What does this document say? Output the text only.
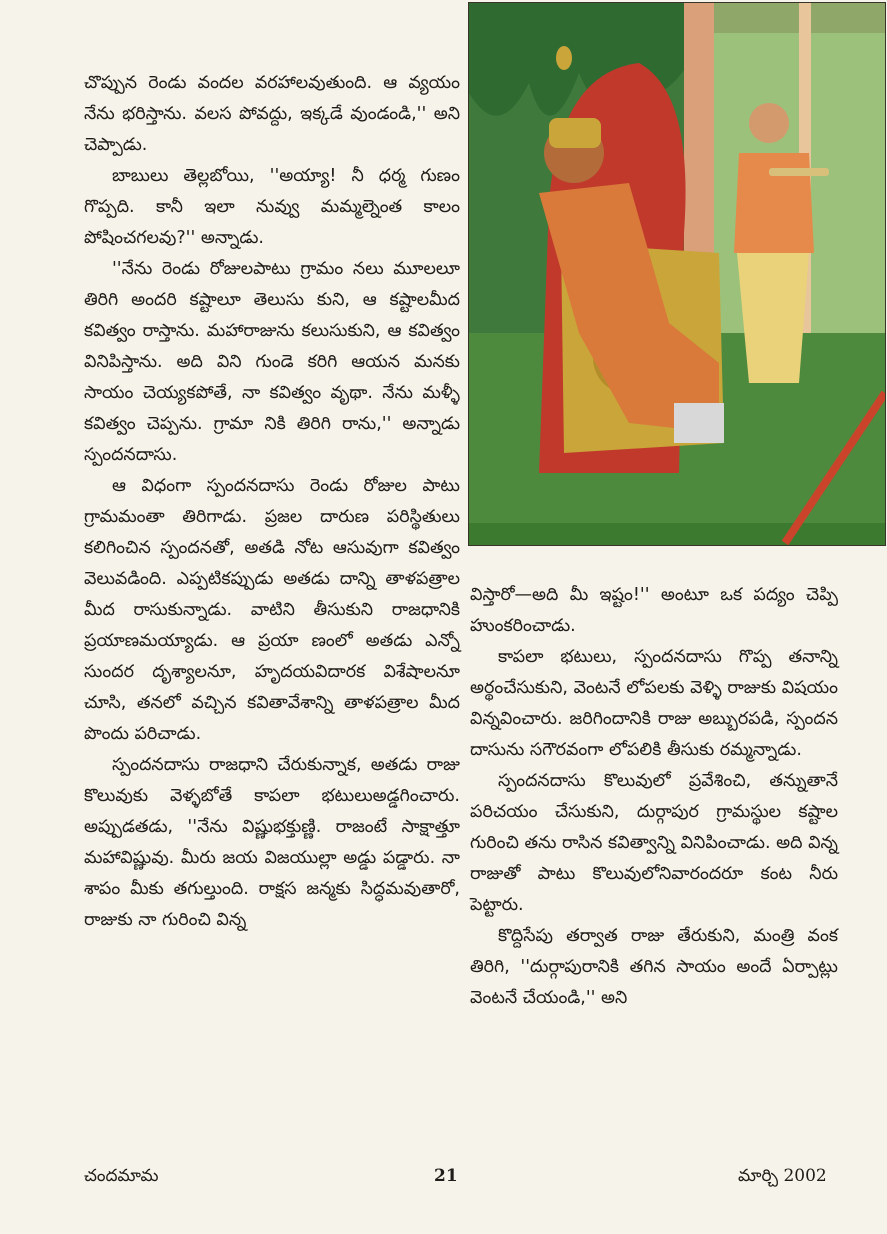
చొప్పున రెండు వందల వరహాలవుతుంది. ఆ వ్యయం నేను భరిస్తాను. వలస పోవద్దు, ఇక్కడే వుండండి,'' అని చెప్పాడు.

బాబులు తెల్లబోయి, ''అయ్యా! నీ ధర్మ గుణం గొప్పది. కానీ ఇలా నువ్వు మమ్మల్నెంత కాలం పోషించగలవు?'' అన్నాడు.

''నేను రెండు రోజులపాటు గ్రామం నలు మూలలూ తిరిగి అందరి కష్టాలూ తెలుసు కుని, ఆ కష్టాలమీద కవిత్వం రాస్తాను. మహారాజును కలుసుకుని, ఆ కవిత్వం వినిపిస్తాను. అది విని గుండె కరిగి ఆయన మనకు సాయం చెయ్యకపోతే, నా కవిత్వం వృథా. నేను మళ్ళీ కవిత్వం చెప్పను. గ్రామా నికి తిరిగి రాను,'' అన్నాడు స్పందనదాసు.

ఆ విధంగా స్పందనదాసు రెండు రోజుల పాటు గ్రామమంతా తిరిగాడు. ప్రజల దారుణ పరిస్థితులు కలిగించిన స్పందనతో, అతడి నోట ఆసువుగా కవిత్వం వెలువడింది. ఎప్పటికప్పుడు అతడు దాన్ని తాళపత్రాల మీద రాసుకున్నాడు. వాటిని తీసుకుని రాజధానికి ప్రయాణమయ్యాడు. ఆ ప్రయా ణంలో అతడు ఎన్నో సుందర దృశ్యాలనూ, హృదయవిదారక విశేషాలనూ చూసి, తనలో వచ్చిన కవితావేశాన్ని తాళపత్రాల మీద పొందు పరిచాడు.

స్పందనదాసు రాజధాని చేరుకున్నాక, అతడు రాజు కొలువుకు వెళ్ళబోతే కాపలా భటులుఅడ్డగించారు. అప్పుడతడు, ''నేను విష్ణుభక్తుణ్ణి. రాజంటే సాక్షాత్తూ మహావిష్ణువు. మీరు జయ విజయుల్లా అడ్డు పడ్డారు. నా శాపం మీకు తగుల్తుంది. రాక్షస జన్మకు సిద్ధమవుతారో, రాజుకు నా గురించి విన్న

విస్తారో—అది మీ ఇష్టం!'' అంటూ ఒక పద్యం చెప్పి హుంకరించాడు.

కాపలా భటులు, స్పందనదాసు గొప్ప తనాన్ని అర్థంచేసుకుని, వెంటనే లోపలకు వెళ్ళి రాజుకు విషయం విన్నవించారు. జరిగిందానికి రాజు అబ్బురపడి, స్పందన దాసును సగౌరవంగా లోపలికి తీసుకు రమ్మన్నాడు.

స్పందనదాసు కొలువులో ప్రవేశించి, తన్నుతానే పరిచయం చేసుకుని, దుర్గాపుర గ్రామస్థుల కష్టాల గురించి తను రాసిన కవిత్వాన్ని వినిపించాడు. అది విన్న రాజుతో పాటు కొలువులోనివారందరూ కంట నీరు పెట్టారు.

కొద్దిసేపు తర్వాత రాజు తేరుకుని, మంత్రి వంక తిరిగి, ''దుర్గాపురానికి తగిన సాయం అందే ఏర్పాట్లు వెంటనే చేయండి,'' అని

చందమామ	21	మార్చి 2002
